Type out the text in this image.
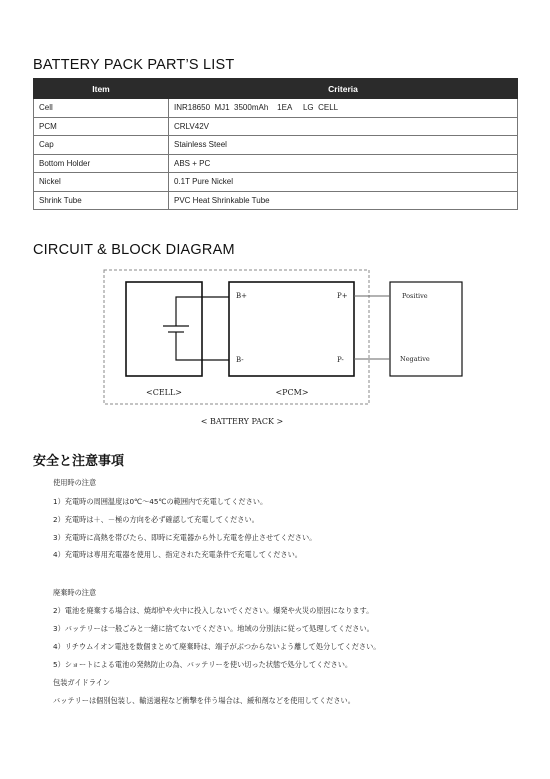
BATTERY PACK PART’S LIST
Item	Criteria
Cell	INR18650  MJ1  3500mAh    1EA     LG  CELL
PCM	CRLV42V
Cap	Stainless Steel
Bottom Holder	ABS + PC
Nickel	0.1T Pure Nickel
Shrink Tube	PVC Heat Shrinkable Tube
CIRCUIT & BLOCK DIAGRAM
B+
B-
P+
P-
Positive
Negative
<CELL>	<PCM>
< BATTERY PACK >
安全と注意事項
使用時の注意
1）充電時の周囲温度は0℃～45℃の範囲内で充電してください。
2）充電時は＋、－極の方向を必ず確認して充電してください。
3）充電時に高熱を帯びたら、即時に充電器から外し充電を停止させてください。
4）充電時は専用充電器を使用し、指定された充電条件で充電してください。
廃棄時の注意
2）電池を廃棄する場合は、焼却炉や火中に投入しないでください。爆発や火災の原因になります。
3）バッテリーは一般ごみと一緒に捨てないでください。地域の分別法に従って処理してください。
4）リチウムイオン電池を数個まとめて廃棄時は、端子がぶつからないよう離して処分してください。
5）ショートによる電池の発熱防止の為、バッテリーを使い切った状態で処分してください。
包装ガイドライン
バッテリーは個別包装し、輸送過程など衝撃を伴う場合は、緩和剤などを使用してください。
